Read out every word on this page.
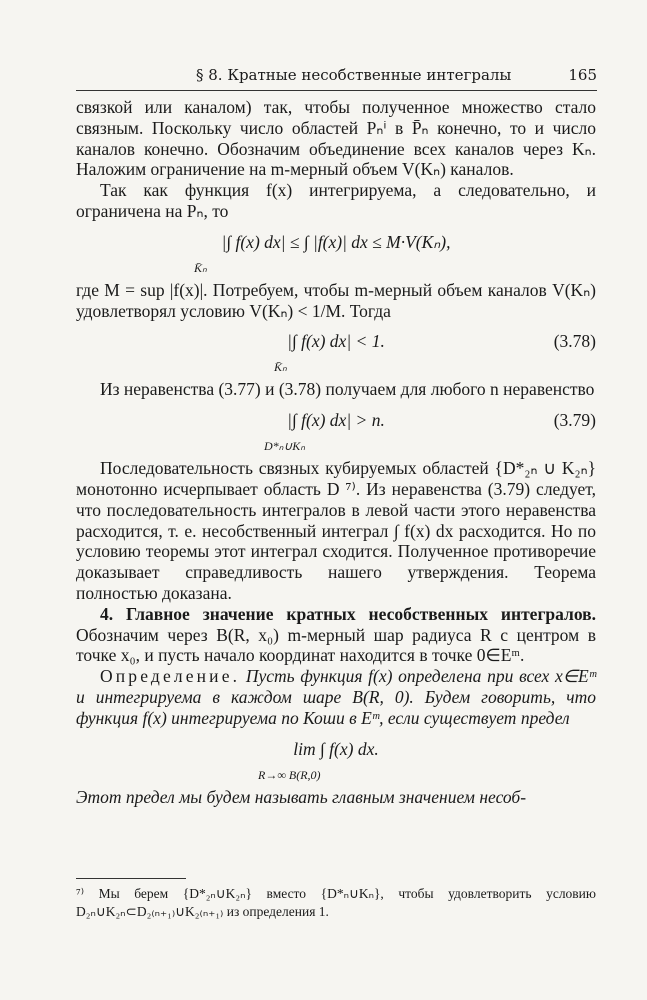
§ 8. Кратные несобственные интегралы	165

связкой или каналом) так, чтобы полученное множество стало связным. Поскольку число областей Pₙⁱ в P̄ₙ конечно, то и число каналов конечно. Обозначим объединение всех каналов через Kₙ. Наложим ограничение на m-мерный объем V(Kₙ) каналов.

Так как функция f(x) интегрируема, а следовательно, и ограничена на Pₙ, то

|∫ f(x) dx| ≤ ∫ |f(x)| dx ≤ M·V(Kₙ),
K̄ₙ

где M = sup |f(x)|. Потребуем, чтобы m-мерный объем каналов V(Kₙ) удовлетворял условию V(Kₙ) < 1/M. Тогда

|∫ f(x) dx| < 1.
K̄ₙ
(3.78)

Из неравенства (3.77) и (3.78) получаем для любого n неравенство

|∫ f(x) dx| > n.
D*ₙ∪Kₙ
(3.79)

Последовательность связных кубируемых областей {D*₂ₙ ∪ K₂ₙ} монотонно исчерпывает область D ⁷⁾. Из неравенства (3.79) следует, что последовательность интегралов в левой части этого неравенства расходится, т. е. несобственный интеграл ∫ f(x) dx расходится. Но по условию теоремы этот интеграл сходится. Полученное противоречие доказывает справедливость нашего утверждения. Теорема полностью доказана.

4. Главное значение кратных несобственных интегралов. Обозначим через B(R, x₀) m-мерный шар радиуса R с центром в точке x₀, и пусть начало координат находится в точке 0∈Eᵐ.

Определение. Пусть функция f(x) определена при всех x∈Eᵐ и интегрируема в каждом шаре B(R, 0). Будем говорить, что функция f(x) интегрируема по Коши в Eᵐ, если существует предел

lim ∫ f(x) dx.
R→∞ B(R,0)

Этот предел мы будем называть главным значением несоб-

⁷⁾ Мы берем {D*₂ₙ∪K₂ₙ} вместо {D*ₙ∪Kₙ}, чтобы удовлетворить условию D₂ₙ∪K₂ₙ⊂D₂₍ₙ₊₁₎∪K₂₍ₙ₊₁₎ из определения 1.
